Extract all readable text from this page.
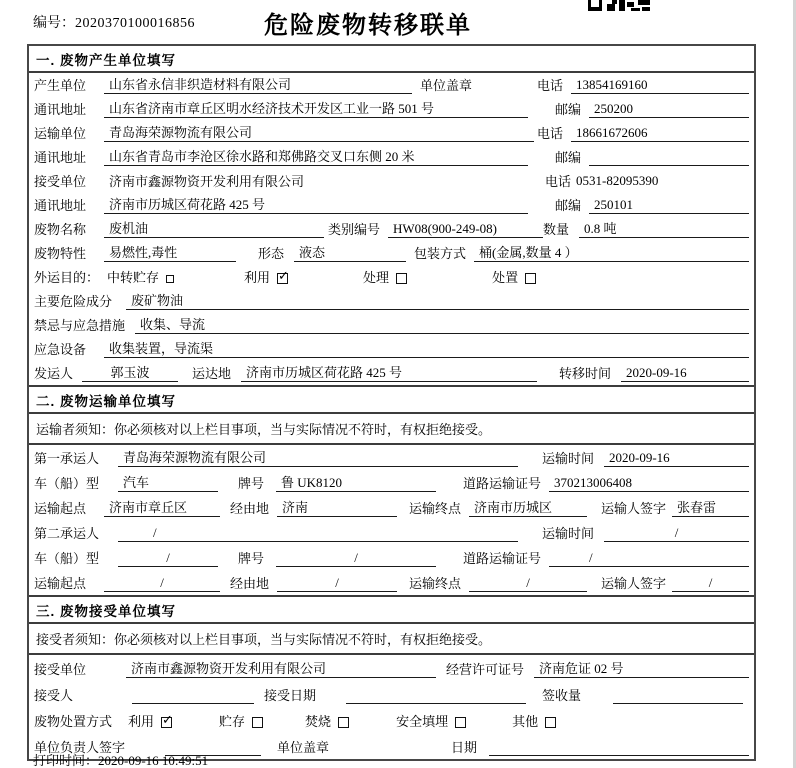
编号：2020370100016856	危险废物转移联单
一. 废物产生单位填写
产生单位	山东省永信非织造材料有限公司	单位盖章	电话	13854169160
通讯地址	山东省济南市章丘区明水经济技术开发区工业一路 501 号	邮编	250200
运输单位	青岛海荣源物流有限公司	电话	18661672606
通讯地址	山东省青岛市李沧区徐水路和郑佛路交叉口东侧 20 米	邮编
接受单位	济南市鑫源物资开发利用有限公司	电话 0531-82095390
通讯地址	济南市历城区荷花路 425 号	邮编	250101
废物名称	废机油	类别编号	HW08(900-249-08)	数量	0.8 吨
废物特性	易燃性,毒性	形态	液态	包装方式	桶(金属,数量 4 ）
外运目的： 中转贮存	利用 ✓	处理	处置
主要危险成分	废矿物油
禁忌与应急措施	收集、导流
应急设备	收集装置，导流渠
发运人	郭玉波	运达地	济南市历城区荷花路 425 号	转移时间	2020-09-16
二. 废物运输单位填写
运输者须知：你必须核对以上栏目事项，当与实际情况不符时，有权拒绝接受。
第一承运人	青岛海荣源物流有限公司	运输时间	2020-09-16
车（船）型	汽车	牌号	鲁 UK8120	道路运输证号	370213006408
运输起点	济南市章丘区	经由地	济南	运输终点	济南市历城区	运输人签字 张春雷
第二承运人	/	运输时间	/
车（船）型	/	牌号	/	道路运输证号	/
运输起点	/	经由地	/	运输终点	/	运输人签字	/
三. 废物接受单位填写
接受者须知：你必须核对以上栏目事项，当与实际情况不符时，有权拒绝接受。
接受单位	济南市鑫源物资开发利用有限公司	经营许可证号	济南危证 02 号
接受人	接受日期	签收量
废物处置方式 利用 ✓	贮存	焚烧	安全填埋	其他
单位负责人签字	单位盖章	日期
打印时间：2020-09-16 10:49:51
